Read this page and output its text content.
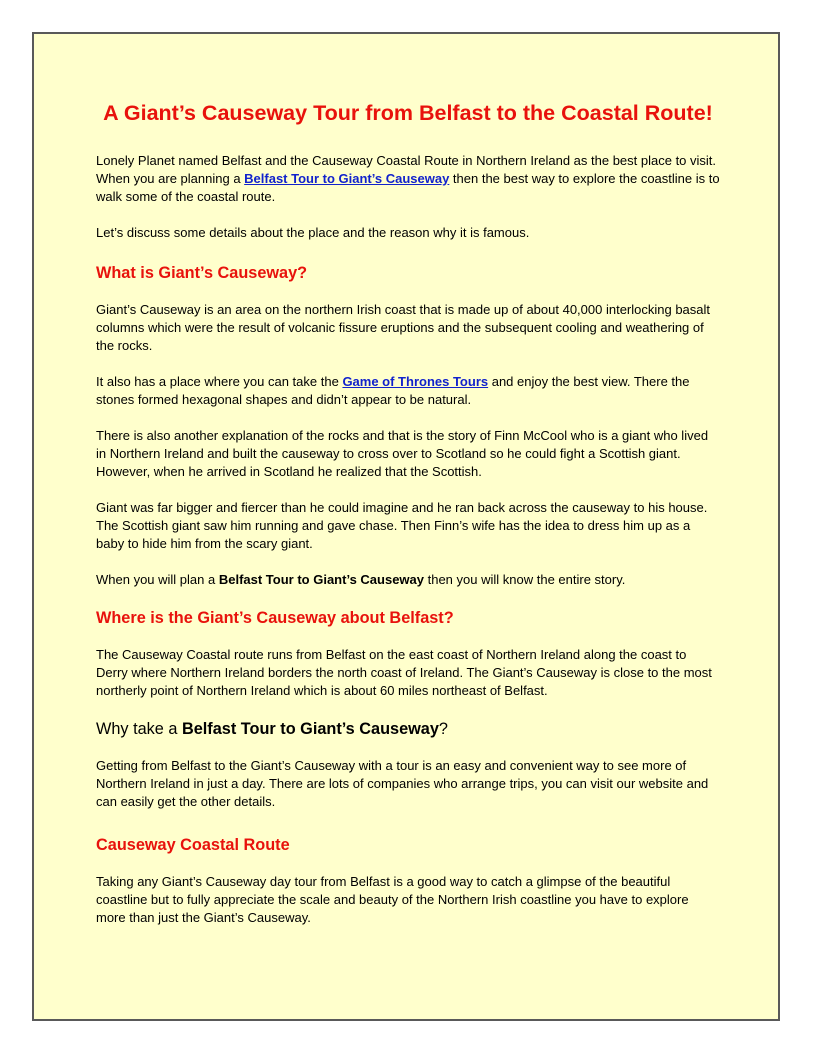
A Giant’s Causeway Tour from Belfast to the Coastal Route!

Lonely Planet named Belfast and the Causeway Coastal Route in Northern Ireland as the best place to visit. When you are planning a Belfast Tour to Giant’s Causeway then the best way to explore the coastline is to walk some of the coastal route.

Let’s discuss some details about the place and the reason why it is famous.

What is Giant’s Causeway?

Giant’s Causeway is an area on the northern Irish coast that is made up of about 40,000 interlocking basalt columns which were the result of volcanic fissure eruptions and the subsequent cooling and weathering of the rocks.

It also has a place where you can take the Game of Thrones Tours and enjoy the best view. There the stones formed hexagonal shapes and didn’t appear to be natural.

There is also another explanation of the rocks and that is the story of Finn McCool who is a giant who lived in Northern Ireland and built the causeway to cross over to Scotland so he could fight a Scottish giant. However, when he arrived in Scotland he realized that the Scottish.

Giant was far bigger and fiercer than he could imagine and he ran back across the causeway to his house. The Scottish giant saw him running and gave chase. Then Finn’s wife has the idea to dress him up as a baby to hide him from the scary giant.

When you will plan a Belfast Tour to Giant’s Causeway then you will know the entire story.

Where is the Giant’s Causeway about Belfast?

The Causeway Coastal route runs from Belfast on the east coast of Northern Ireland along the coast to Derry where Northern Ireland borders the north coast of Ireland. The Giant’s Causeway is close to the most northerly point of Northern Ireland which is about 60 miles northeast of Belfast.

Why take a Belfast Tour to Giant’s Causeway?

Getting from Belfast to the Giant’s Causeway with a tour is an easy and convenient way to see more of Northern Ireland in just a day. There are lots of companies who arrange trips, you can visit our website and can easily get the other details.

Causeway Coastal Route

Taking any Giant’s Causeway day tour from Belfast is a good way to catch a glimpse of the beautiful coastline but to fully appreciate the scale and beauty of the Northern Irish coastline you have to explore more than just the Giant’s Causeway.
